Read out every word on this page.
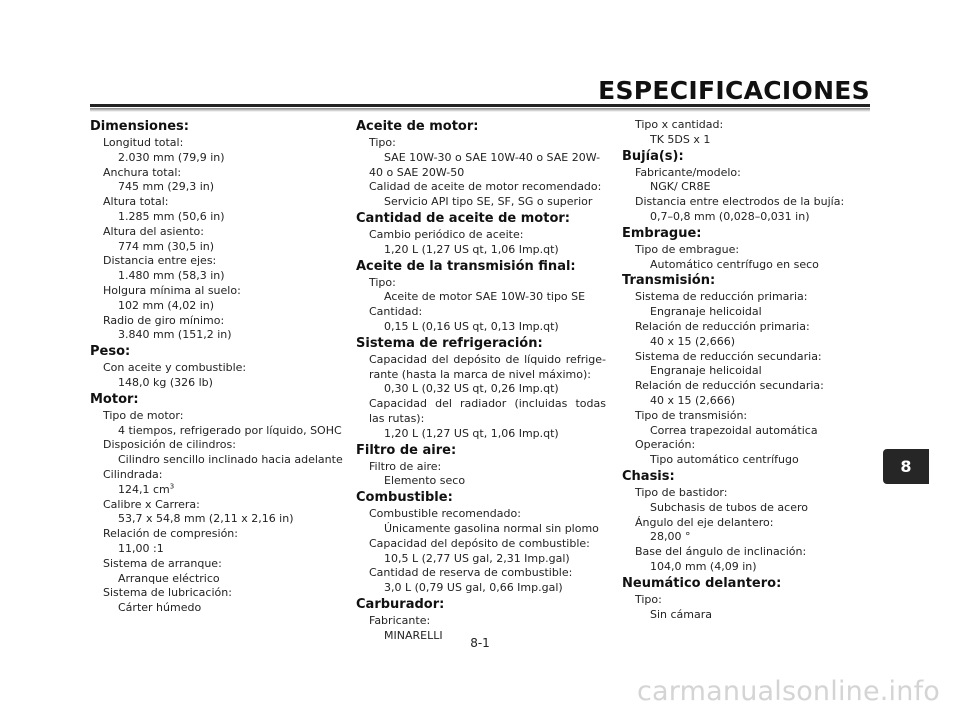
ESPECIFICACIONES
Dimensiones:
Longitud total:
2.030 mm (79,9 in)
Anchura total:
745 mm (29,3 in)
Altura total:
1.285 mm (50,6 in)
Altura del asiento:
774 mm (30,5 in)
Distancia entre ejes:
1.480 mm (58,3 in)
Holgura mínima al suelo:
102 mm (4,02 in)
Radio de giro mínimo:
3.840 mm (151,2 in)
Peso:
Con aceite y combustible:
148,0 kg (326 lb)
Motor:
Tipo de motor:
4 tiempos, refrigerado por líquido, SOHC
Disposición de cilindros:
Cilindro sencillo inclinado hacia adelante
Cilindrada:
124,1 $cm^3$
Calibre x Carrera:
53,7 x 54,8 mm (2,11 x 2,16 in)
Relación de compresión:
11,00 :1
Sistema de arranque:
Arranque eléctrico
Sistema de lubricación:
Cárter húmedo
Aceite de motor:
Tipo:
SAE 10W-30 o SAE 10W-40 o SAE 20W-
40 o SAE 20W-50
Calidad de aceite de motor recomendado:
Servicio API tipo SE, SF, SG o superior
Cantidad de aceite de motor:
Cambio periódico de aceite:
1,20 L (1,27 US qt, 1,06 Imp.qt)
Aceite de la transmisión final:
Tipo:
Aceite de motor SAE 10W-30 tipo SE
Cantidad:
0,15 L (0,16 US qt, 0,13 Imp.qt)
Sistema de refrigeración:
Capacidad del depósito de líquido refrige-rante (hasta la marca de nivel máximo):
0,30 L (0,32 US qt, 0,26 Imp.qt)
Capacidad del radiador (incluidas todas las rutas):
1,20 L (1,27 US qt, 1,06 Imp.qt)
Filtro de aire:
Filtro de aire:
Elemento seco
Combustible:
Combustible recomendado:
Únicamente gasolina normal sin plomo
Capacidad del depósito de combustible:
10,5 L (2,77 US gal, 2,31 Imp.gal)
Cantidad de reserva de combustible:
3,0 L (0,79 US gal, 0,66 Imp.gal)
Carburador:
Fabricante:
MINARELLI
Tipo x cantidad:
TK 5DS x 1
Bujía(s):
Fabricante/modelo:
NGK/ CR8E
Distancia entre electrodos de la bujía:
0,7–0,8 mm (0,028–0,031 in)
Embrague:
Tipo de embrague:
Automático centrífugo en seco
Transmisión:
Sistema de reducción primaria:
Engranaje helicoidal
Relación de reducción primaria:
40 x 15 (2,666)
Sistema de reducción secundaria:
Engranaje helicoidal
Relación de reducción secundaria:
40 x 15 (2,666)
Tipo de transmisión:
Correa trapezoidal automática
Operación:
Tipo automático centrífugo
Chasis:
Tipo de bastidor:
Subchasis de tubos de acero
Ángulo del eje delantero:
28,00 °
Base del ángulo de inclinación:
104,0 mm (4,09 in)
Neumático delantero:
Tipo:
Sin cámara
8
8-1
carmanualsonline.info
